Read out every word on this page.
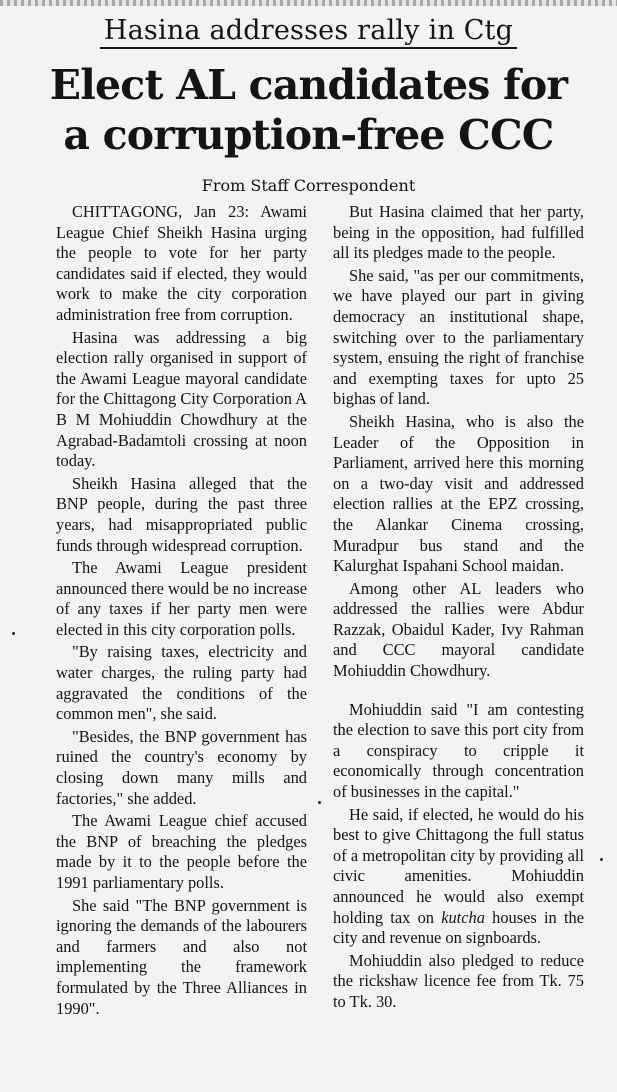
Hasina addresses rally in Ctg
Elect AL candidates for
a corruption-free CCC
From Staff Correspondent

CHITTAGONG, Jan 23: Awami League Chief Sheikh Hasina urging the people to vote for her party candidates said if elected, they would work to make the city corporation administration free from corruption.

Hasina was addressing a big election rally organised in support of the Awami League mayoral candidate for the Chittagong City Corporation A B M Mohiuddin Chowdhury at the Agrabad-Badamtoli crossing at noon today.

Sheikh Hasina alleged that the BNP people, during the past three years, had misappropriated public funds through widespread corruption.

The Awami League president announced there would be no increase of any taxes if her party men were elected in this city corporation polls.

"By raising taxes, electricity and water charges, the ruling party had aggravated the conditions of the common men", she said.

"Besides, the BNP government has ruined the country's economy by closing down many mills and factories," she added.

The Awami League chief accused the BNP of breaching the pledges made by it to the people before the 1991 parliamentary polls.

She said "The BNP government is ignoring the demands of the labourers and farmers and also not implementing the framework formulated by the Three Alliances in 1990".

But Hasina claimed that her party, being in the opposition, had fulfilled all its pledges made to the people.

She said, "as per our commitments, we have played our part in giving democracy an institutional shape, switching over to the parliamentary system, ensuing the right of franchise and exempting taxes for upto 25 bighas of land.

Sheikh Hasina, who is also the Leader of the Opposition in Parliament, arrived here this morning on a two-day visit and addressed election rallies at the EPZ crossing, the Alankar Cinema crossing, Muradpur bus stand and the Kalurghat Ispahani School maidan.

Among other AL leaders who addressed the rallies were Abdur Razzak, Obaidul Kader, Ivy Rahman and CCC mayoral candidate Mohiuddin Chowdhury.

Mohiuddin said "I am contesting the election to save this port city from a conspiracy to cripple it economically through concentration of businesses in the capital."

He said, if elected, he would do his best to give Chittagong the full status of a metropolitan city by providing all civic amenities. Mohiuddin announced he would also exempt holding tax on kutcha houses in the city and revenue on signboards.

Mohiuddin also pledged to reduce the rickshaw licence fee from Tk. 75 to Tk. 30.
